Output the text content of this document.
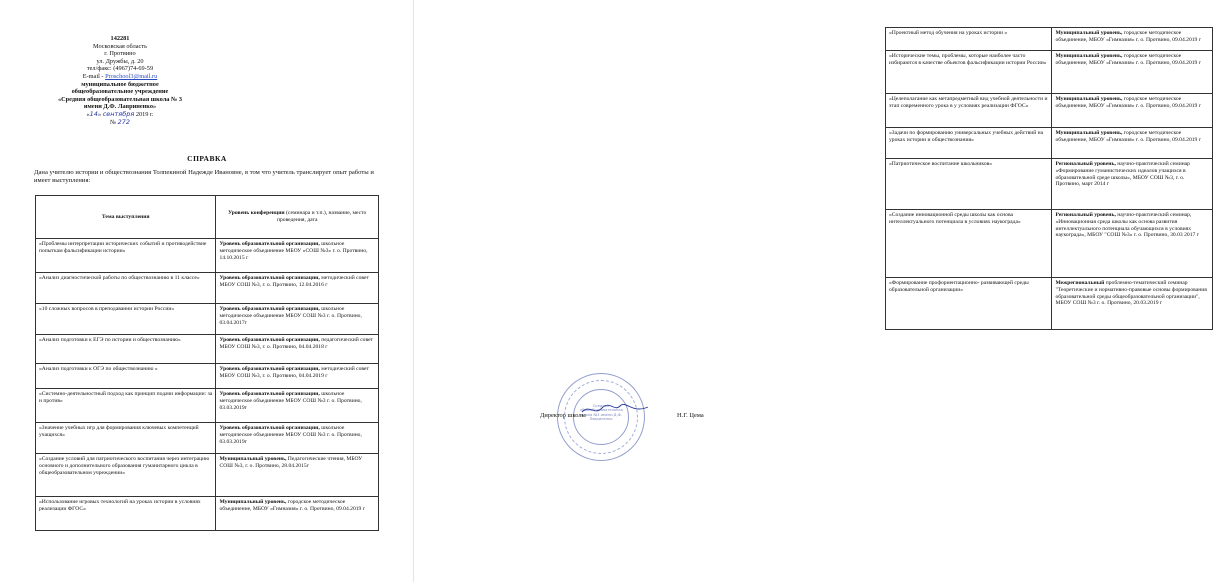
142281
Московская область
г. Протвино
ул. Дружбы, д. 20
тел/факс: (4967)74-69-59
E-mail - Proschool3@mail.ru
муниципальное бюджетное
общеобразовательное учреждение
«Средняя общеобразовательная школа № 3
имени Д.Ф. Лавриненко»
«14» сентября 2019 г.
№ 272
СПРАВКА
Дана учителю истории и обществознания Толпекиной Надежде Ивановне, в том что учитель транслирует опыт работы и имеет выступления:
Тема выступления	Уровень конференции (семинара и т.п.), название, место проведения, дата
«Проблемы интерпретации исторических событий и противодействие попыткам фальсификации истории»	Уровень образовательной организации, школьное методическое объединение МБОУ «СОШ №3» г. о. Протвино, 14.10.2015 г
«Анализ диагностической работы по обществознанию в 11 классе»	Уровень образовательной организации, методический совет МБОУ СОШ №3, г. о. Протвино, 12.04.2016 г
«10 сложных вопросов в преподавании истории России»	Уровень образовательной организации, школьное методическое объединение МБОУ СОШ №3 г. о. Протвино, 03.04.2017г
«Анализ подготовки к ЕГЭ по истории и обществознанию»	Уровень образовательной организации, педагогический совет МБОУ СОШ №3, г. о. Протвино, 04.04.2018 г
«Анализ подготовки к ОГЭ по обществознанию »	Уровень образовательной организации, методический совет МБОУ СОШ №3, г. о. Протвино, 04.04.2019 г
«Системно-деятельностный подход как принцип подачи информации: за и против»	Уровень образовательной организации, школьное методическое объединение МБОУ СОШ №3 г. о. Протвино, 03.03.2019г
«Значение учебных игр для формирования ключевых компетенций учащихся»	Уровень образовательной организации, школьное методическое объединение МБОУ СОШ №3 г. о. Протвино, 03.03.2019г
«Создание условий для патриотического воспитания через интеграцию основного и дополнительного образования гуманитарного цикла в общеобразовательном учреждении»	Муниципальный уровень, Педагогические чтения, МБОУ СОШ №3, г. о. Протвино, 28.04.2015г
«Использование игровых технологий на уроках истории в условиях реализации ФГОС»	Муниципальный уровень, городское методическое объединение, МБОУ «Гимназия» г. о. Протвино, 09.04.2019 г
«Проектный метод обучения на уроках истории «	Муниципальный уровень, городское методическое объединение, МБОУ «Гимназия» г. о. Протвино, 09.04.2019 г
«Исторические темы, проблемы, которые наиболее часто избираются в качестве объектов фальсификации истории России»	Муниципальный уровень, городское методическое объединение, МБОУ «Гимназия» г. о. Протвино, 09.04.2019 г
«Целеполагание как метапредметный вид учебной деятельности и этап современного урока в у условиях реализации ФГОС»	Муниципальный уровень, городское методическое объединение, МБОУ «Гимназия» г. о. Протвино, 09.04.2019 г
«Задачи по формированию универсальных учебных действий на уроках истории и обществознания»	Муниципальный уровень, городское методическое объединение, МБОУ «Гимназия» г. о. Протвино, 09.04.2019 г
«Патриотическое воспитание школьников»	Региональный уровень, научно-практический семинар «Формирование гуманистических идеалов учащихся в образовательной среде школы», МБОУ СОШ №3, г. о. Протвино, март 2014 г
«Создание инновационной среды школы как основа интеллектуального потенциала в условиях наукограда»	Региональный уровень, научно-практический семинар, «Инновационная среда школы как основа развития интеллектуального потенциала обучающихся в условиях наукограда», МБОУ "СОШ №3» г. о. Протвино, 30.03 2017 г
«Формирование профориентационно- развивающей среды образовательной организации»	Межрегиональный проблемно-тематический семинар "Теоретические и нормативно-правовые основы формирования образовательной среды общеобразовательной организации", МБОУ СОШ №3 г. о. Протвино, 20.03.2019 г
Средняя общеобразовательная школа №3 имени Д.Ф. Лавриненко
Директор школы	Н.Г. Цема
